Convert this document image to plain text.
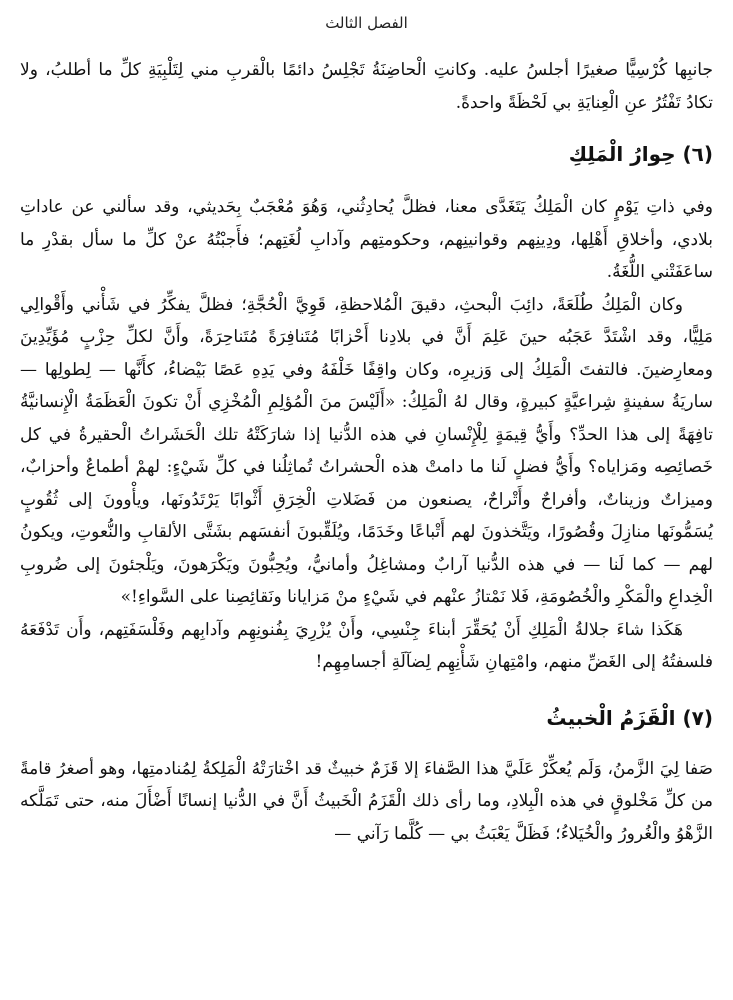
الفصل الثالث

جانبِها كُرْسِيًّا صغيرًا أجلسُ عليه. وكانتِ الْحاضِنَةُ تَجْلِسُ دائمًا بالْقربِ مني لِتَلْبِيَةِ كلِّ ما أطلبُ، ولا تكادُ تَفْتُرُ عنِ الْعِنايَةِ بي لَحْظَةً واحدةً.

(٦) حِوارُ الْمَلِكِ

وفي ذاتِ يَوْمٍ كان الْمَلِكُ يَتَغَدَّى معنا، فظلَّ يُحادِثُني، وَهُوَ مُعْجَبٌ بِحَديثي، وقد سألني عن عاداتِ بلادي، وأخلاقِ أَهْلِها، ودِينِهم وقوانينِهم، وحكومتِهم وآدابِ لُغَتِهم؛ فأَجبْتُهُ عنْ كلِّ ما سأل بقدْرِ ما ساعَفَتْني اللُّغَةُ.

وكان الْمَلِكُ طُلَعَةً، دائِبَ الْبحثِ، دقيقَ الْمُلاحظةِ، قَوِيَّ الْحُجَّةِ؛ فظلَّ يفكِّرُ في شَأْني وأَقْوالِي مَلِيًّا، وقد اشْتَدَّ عَجَبُه حينَ عَلِمَ أَنَّ في بلادِنا أَحْزابًا مُتَنافِرَةً مُتَناحِرَةً، وأَنَّ لكلِّ حِزْبٍ مُؤَيِّدِينَ ومعارِضينَ. فالتفتَ الْمَلِكُ إلى وَزيرِه، وكان واقِفًا خَلْفَهُ وفي يَدِهِ عَصًا بَيْضاءُ، كأَنَّها — لِطولِها — ساريَةُ سفينةٍ شِراعيَّةٍ كبيرةٍ، وقال لهُ الْمَلِكُ: «أَلَيْسَ منَ الْمُؤلِمِ الْمُخْزِي أَنْ تكونَ الْعَظَمَةُ الْإِنسانيَّةُ تافِهَةً إلى هذا الحدِّ؟ وأَيُّ قِيمَةٍ لِلْإِنْسانِ في هذه الدُّنيا إذا شارَكَتْهُ تلك الْحَشَراتُ الْحقيرةُ في كل خَصائِصِه ومَزاياه؟ وأَيُّ فضلٍ لَنا ما دامتْ هذه الْحشراتُ تُماثِلُنا في كلِّ شَيْءٍ: لهمْ أطماعٌ وأحزابٌ، وميزاتٌ وزيناتٌ، وأفراحٌ وأَتْراحٌ، يصنعون من فَضَلاتِ الْخِرَقِ أَثْوابًا يَرْتَدُونَها، ويأْوونَ إلى ثُقُوبٍ يُسَمُّونَها منازِلَ وقُصُورًا، ويَتَّخذونَ لهم أَتْباعًا وخَدَمًا، ويُلَقِّبونَ أنفسَهم بشَتَّى الألقابِ والنُّعوتِ، ويكونُ لهم — كما لَنا — في هذه الدُّنيا آرابٌ ومشاغِلُ وأمانيُّ، ويُحِبُّونَ ويَكْرَهونَ، ويَلْجئونَ إلى ضُروبِ الْخِداعِ والْمَكْرِ والْخُصُومَةِ، فَلا نَمْتازُ عنْهم في شَيْءٍ منْ مَزايانا ونَقائِصِنا على السَّواءِ!»

هَكَذا شاءَ جلالةُ الْمَلِكِ أَنْ يُحَقِّرَ أبناءَ جِنْسِي، وأَنْ يُزْرِيَ بِفُنونِهِم وآدابِهم وفَلْسَفَتِهم، وأَن تَدْفَعَهُ فلسفتُهُ إلى الغَضِّ منهم، وامْتِهانِ شَأْنِهِم لِضآلَةِ أجسامِهِم!

(٧) الْقَزَمُ الْخبيثُ

صَفا لِيَ الزَّمنُ، وَلَم يُعكِّرْ عَلَيَّ هذا الصَّفاءَ إلا قَزَمٌ خبيثٌ قد اخْتارَتْهُ الْمَلِكةُ لِمُنادمتِها، وهو أصغرُ قامةً من كلِّ مَخْلوقٍ في هذه الْبِلادِ، وما رأى ذلك الْقَزَمُ الْخَبيثُ أَنَّ في الدُّنيا إنسانًا أَضْأَلَ منه، حتى تَمَلَّكه الزَّهْوُ والْغُرورُ والْخُيَلاءُ؛ فَظَلَّ يَعْبَثُ بي — كُلَّما رَآني —
